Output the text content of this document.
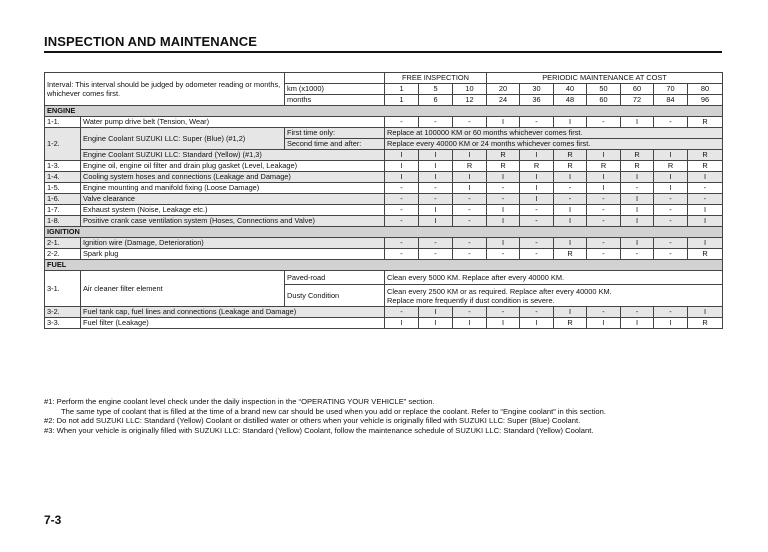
INSPECTION AND MAINTENANCE
Interval: This interval should be judged by odometer reading or months, whichever comes first.			FREE INSPECTION			PERIODIC MAINTENANCE AT COST						
		km (x1000)	1	5	10	20	30	40	50	60	70	80
		months	1	6	12	24	36	48	60	72	84	96
ENGINE												
1-1.	Water pump drive belt (Tension, Wear)		-	-	-	I	-	I	-	I	-	R
1-2.	Engine Coolant SUZUKI LLC: Super (Blue) (#1,2)	First time only:	Replace at 100000 KM or 60 months whichever comes first.									
		Second time and after:	Replace every 40000 KM or 24 months whichever comes first.									
	Engine Coolant SUZUKI LLC: Standard (Yellow) (#1,3)		I	I	I	R	I	R	I	R	I	R
1-3.	Engine oil, engine oil filter and drain plug gasket (Level, Leakage)		I	I	R	R	R	R	R	R	R	R
1-4.	Cooling system hoses and connections (Leakage and Damage)		I	I	I	I	I	I	I	I	I	I
1-5.	Engine mounting and manifold fixing (Loose Damage)		-	-	I	-	I	-	I	-	I	-
1-6.	Valve clearance		-	-	-	-	I	-	-	I	-	-
1-7.	Exhaust system (Noise, Leakage etc.)		-	I	-	I	-	I	-	I	-	I
1-8.	Positive crank case ventilation system (Hoses, Connections and Valve)		-	I	-	I	-	I	-	I	-	I
IGNITION												
2-1.	Ignition wire (Damage, Deterioration)		-	-	-	I	-	I	-	I	-	I
2-2.	Spark plug		-	-	-	-	-	R	-	-	-	R
FUEL												
3-1.	Air cleaner filter element	Paved-road	Clean every 5000 KM. Replace after every 40000 KM.									
		Dusty Condition	Clean every 2500 KM or as required. Replace after every 40000 KM.
Replace more frequently if dust condition is severe.									
3-2.	Fuel tank cap, fuel lines and connections (Leakage and Damage)		-	I	-	-	-	I	-	-	-	I
3-3.	Fuel filter (Leakage)		I	I	I	I	I	R	I	I	I	R
#1: Perform the engine coolant level check under the daily inspection in the “OPERATING YOUR VEHICLE” section.
The same type of coolant that is filled at the time of a brand new car should be used when you add or replace the coolant. Refer to “Engine coolant” in this section.
#2: Do not add SUZUKI LLC: Standard (Yellow) Coolant or distilled water or others when your vehicle is originally filled with SUZUKI LLC: Super (Blue) Coolant.
#3: When your vehicle is originally filled with SUZUKI LLC: Standard (Yellow) Coolant, follow the maintenance schedule of SUZUKI LLC: Standard (Yellow) Coolant.
7-3
